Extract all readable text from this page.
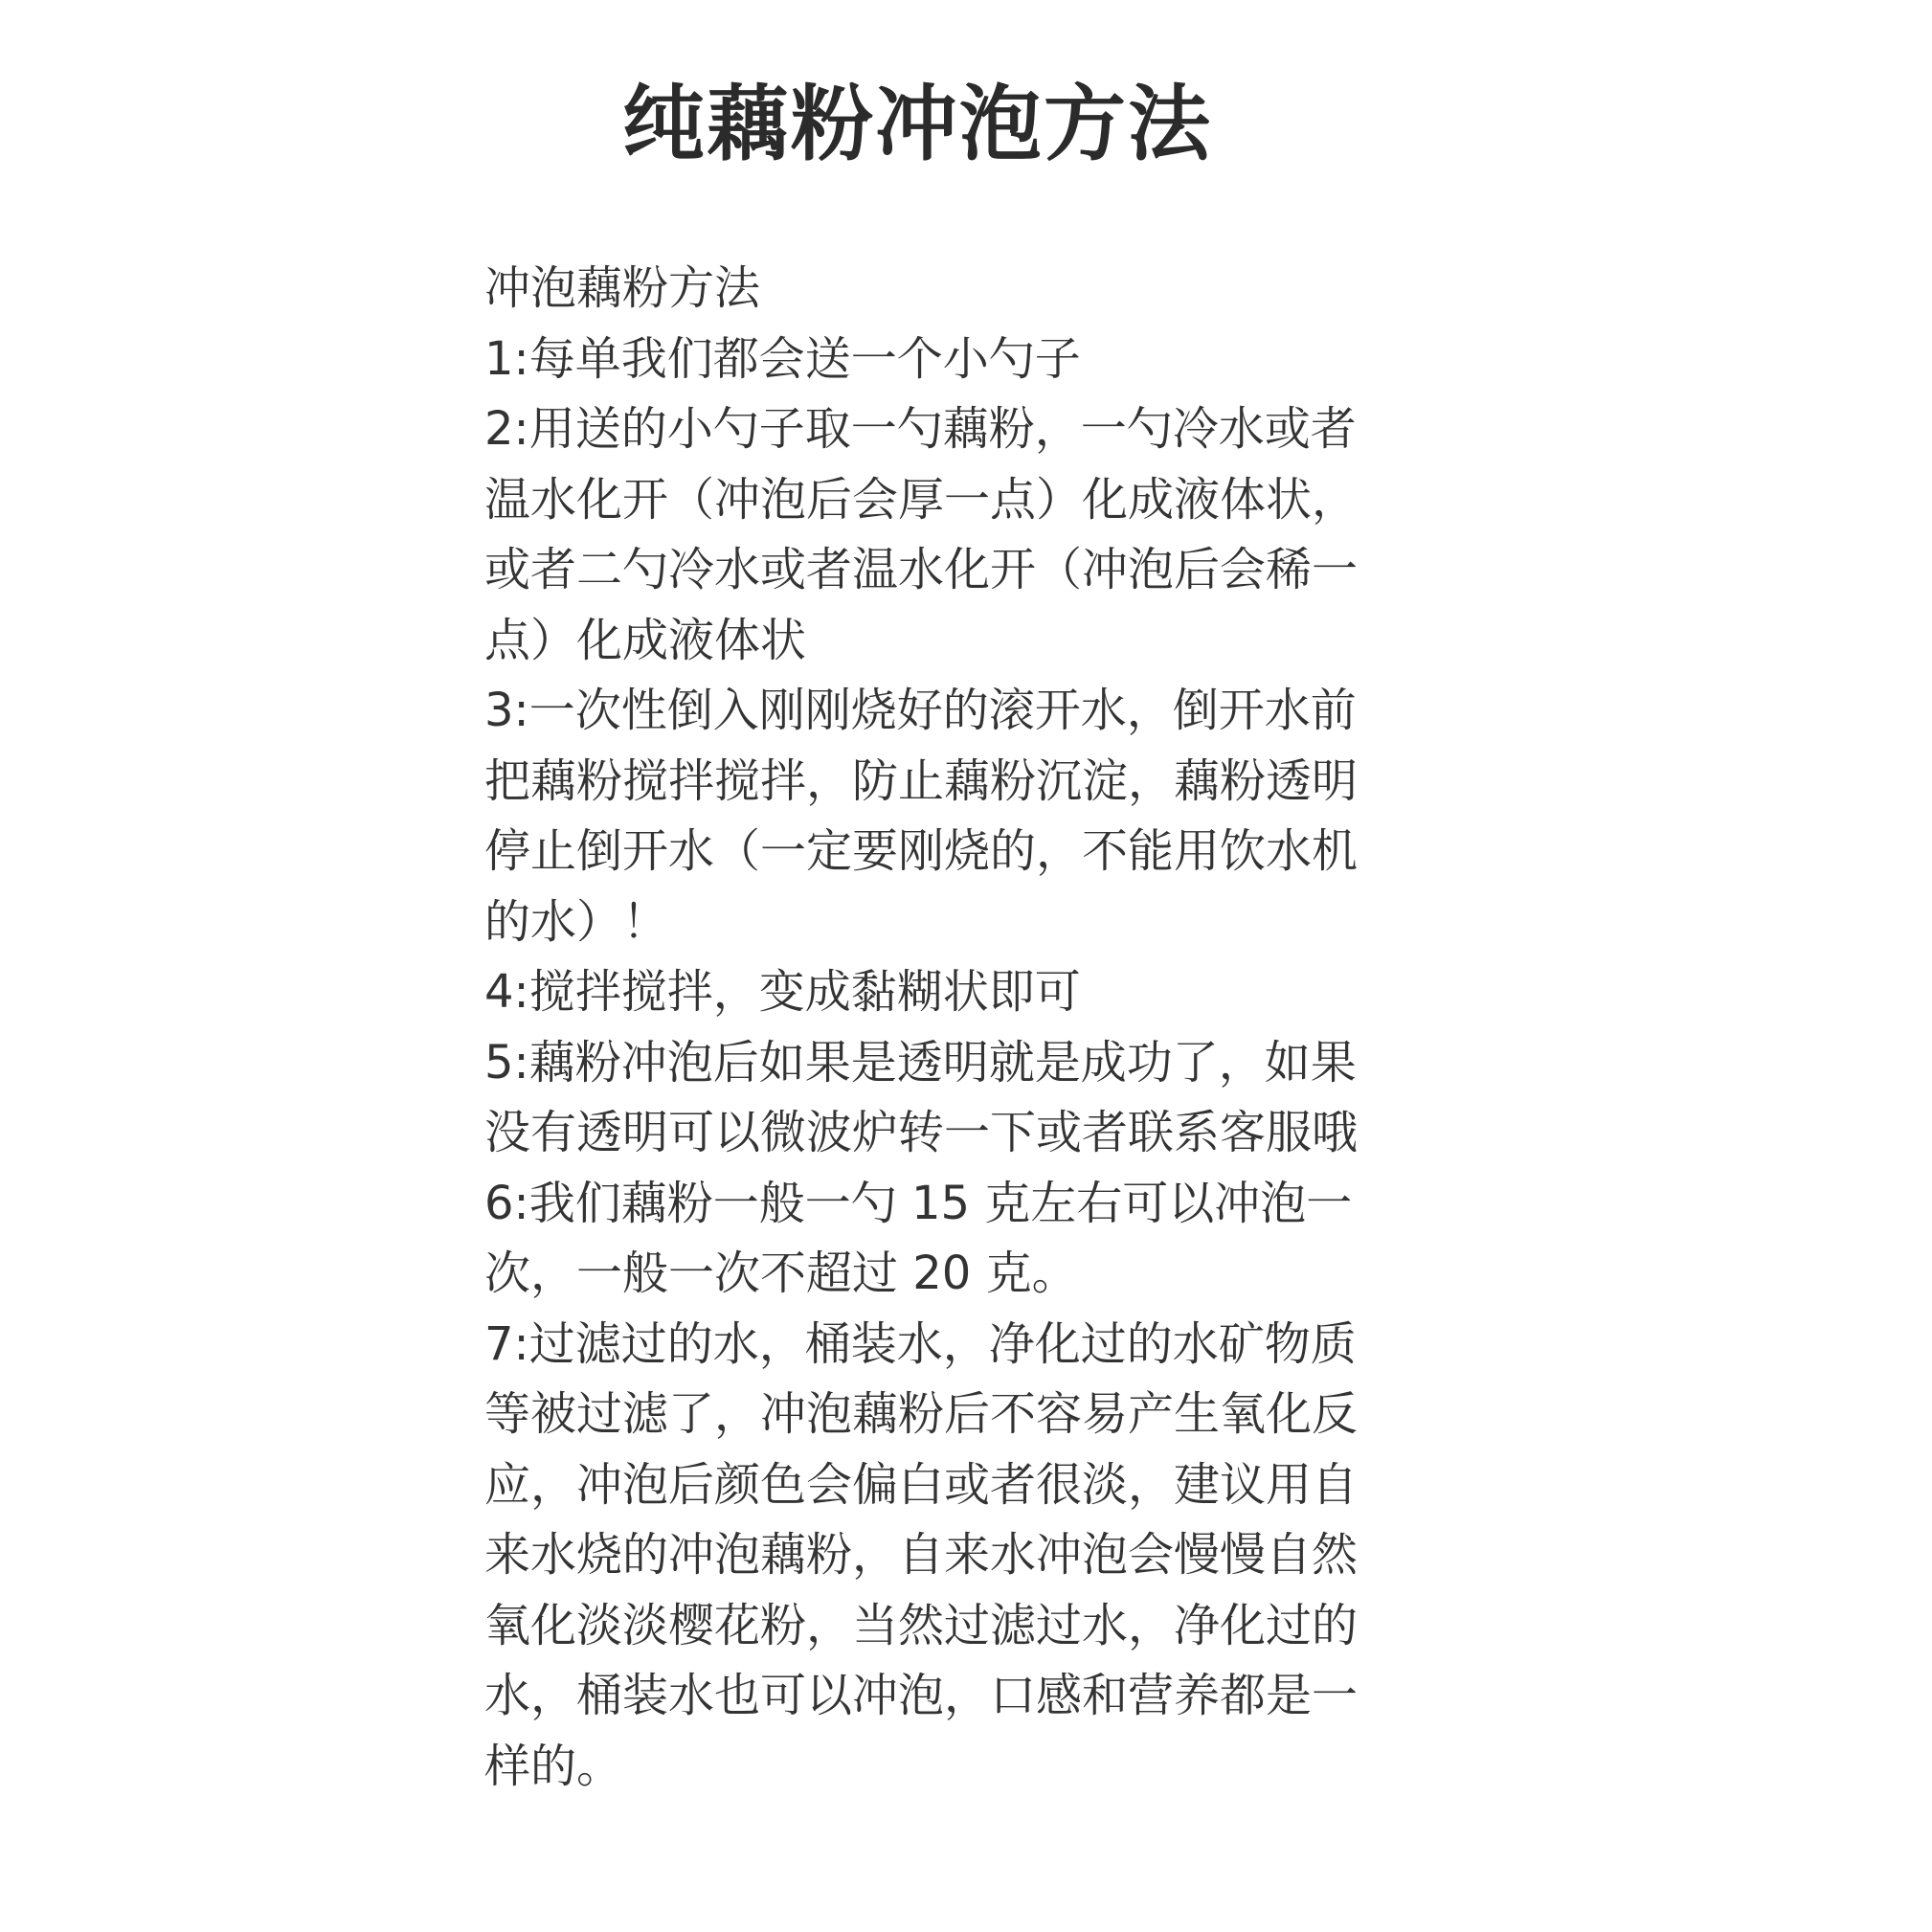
纯藕粉冲泡方法
冲泡藕粉方法
1:每单我们都会送一个小勺子
2:用送的小勺子取一勺藕粉，一勺冷水或者
温水化开（冲泡后会厚一点）化成液体状，
或者二勺冷水或者温水化开（冲泡后会稀一
点）化成液体状
3:一次性倒入刚刚烧好的滚开水，倒开水前
把藕粉搅拌搅拌，防止藕粉沉淀，藕粉透明
停止倒开水（一定要刚烧的，不能用饮水机
的水）！
4:搅拌搅拌，变成黏糊状即可
5:藕粉冲泡后如果是透明就是成功了，如果
没有透明可以微波炉转一下或者联系客服哦
6:我们藕粉一般一勺 15 克左右可以冲泡一
次，一般一次不超过 20 克。
7:过滤过的水，桶装水，净化过的水矿物质
等被过滤了，冲泡藕粉后不容易产生氧化反
应，冲泡后颜色会偏白或者很淡，建议用自
来水烧的冲泡藕粉，自来水冲泡会慢慢自然
氧化淡淡樱花粉，当然过滤过水，净化过的
水，桶装水也可以冲泡，口感和营养都是一
样的。
